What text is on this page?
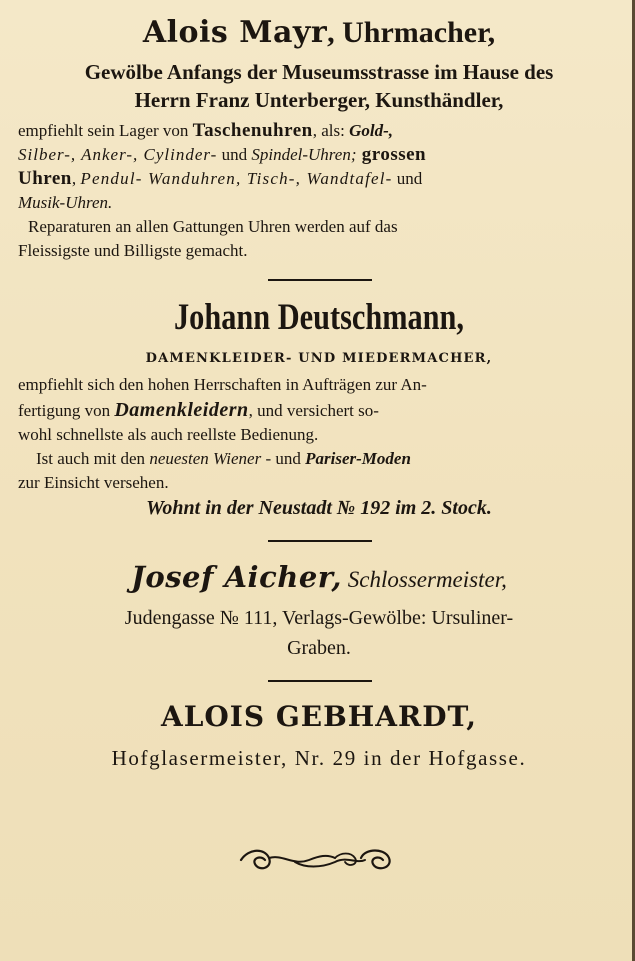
Alois Mayr, Uhrmacher,
Gewölbe Anfangs der Museumsstrasse im Hause des
Herrn Franz Unterberger, Kunsthändler,
empfiehlt sein Lager von Taschenuhren, als: Gold-,
Silber-, Anker-, Cylinder- und Spindel-Uhren; grossen
Uhren, Pendul- Wanduhren, Tisch-, Wandtafel- und
Musik-Uhren.
Reparaturen an allen Gattungen Uhren werden auf das
Fleissigste und Billigste gemacht.
Johann Deutschmann,
DAMENKLEIDER- UND MIEDERMACHER,
empfiehlt sich den hohen Herrschaften in Aufträgen zur An-
fertigung von Damenkleidern, und versichert so-
wohl schnellste als auch reellste Bedienung.
Ist auch mit den neuesten Wiener - und Pariser-Moden
zur Einsicht versehen.
Wohnt in der Neustadt № 192 im 2. Stock.
Josef Aicher, Schlossermeister,
Judengasse № 111, Verlags-Gewölbe: Ursuliner-
Graben.
ALOIS GEBHARDT,
Hofglasermeister, Nr. 29 in der Hofgasse.
